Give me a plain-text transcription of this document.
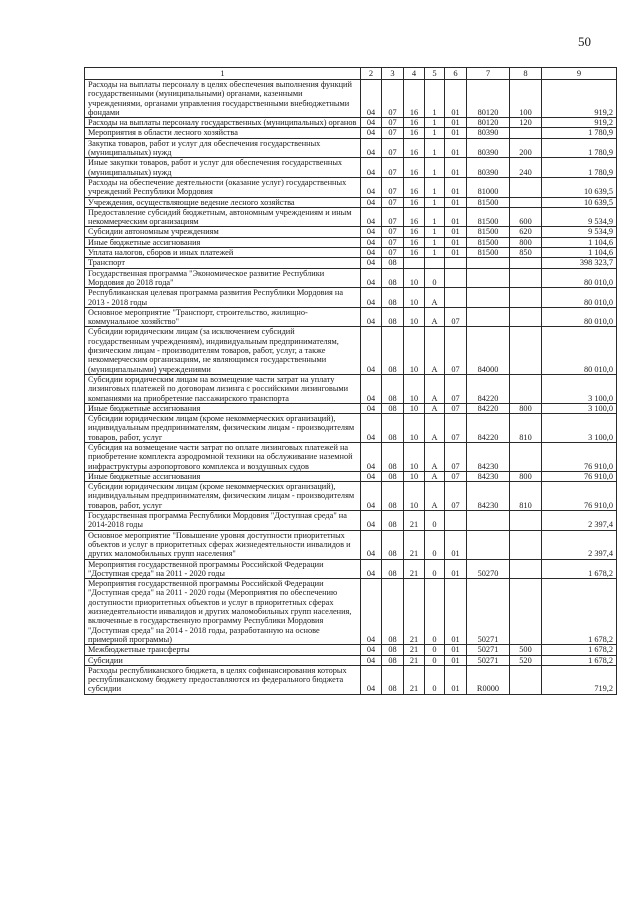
50
1	2	3	4	5	6	7	8	9
Расходы на выплаты персоналу в целях обеспечения выполнения функций государственными (муниципальными) органами, казенными учреждениями, органами управления государственными внебюджетными фондами	04	07	16	1	01	80120	100	919,2
Расходы на выплаты персоналу государственных (муниципальных) органов	04	07	16	1	01	80120	120	919,2
Мероприятия в области лесного хозяйства	04	07	16	1	01	80390		1 780,9
Закупка товаров, работ и услуг для обеспечения государственных (муниципальных) нужд	04	07	16	1	01	80390	200	1 780,9
Иные закупки товаров, работ и услуг для обеспечения государственных (муниципальных) нужд	04	07	16	1	01	80390	240	1 780,9
Расходы на обеспечение деятельности (оказание услуг) государственных учреждений Республики Мордовия	04	07	16	1	01	81000		10 639,5
Учреждения, осуществляющие ведение лесного хозяйства	04	07	16	1	01	81500		10 639,5
Предоставление субсидий бюджетным, автономным учреждениям и иным некоммерческим организациям	04	07	16	1	01	81500	600	9 534,9
Субсидии автономным учреждениям	04	07	16	1	01	81500	620	9 534,9
Иные бюджетные ассигнования	04	07	16	1	01	81500	800	1 104,6
Уплата налогов, сборов и иных платежей	04	07	16	1	01	81500	850	1 104,6
Транспорт	04	08						398 323,7
Государственная программа "Экономическое развитие Республики Мордовия до 2018 года"	04	08	10	0				80 010,0
Республиканская целевая программа развития Республики Мордовия на 2013 - 2018 годы	04	08	10	А				80 010,0
Основное мероприятие "Транспорт, строительство, жилищно-коммунальное хозяйство"	04	08	10	А	07			80 010,0
Субсидии юридическим лицам (за исключением субсидий государственным учреждениям), индивидуальным предпринимателям, физическим лицам - производителям товаров, работ, услуг, а также некоммерческим организациям, не являющимся государственными (муниципальными) учреждениями	04	08	10	А	07	84000		80 010,0
Субсидии юридическим лицам на возмещение части затрат на уплату лизинговых платежей по договорам лизинга с российскими лизинговыми компаниями на приобретение пассажирского транспорта	04	08	10	А	07	84220		3 100,0
Иные бюджетные ассигнования	04	08	10	А	07	84220	800	3 100,0
Субсидии юридическим лицам (кроме некоммерческих организаций), индивидуальным предпринимателям, физическим лицам - производителям товаров, работ, услуг	04	08	10	А	07	84220	810	3 100,0
Субсидия на возмещение части затрат по оплате лизинговых платежей на приобретение комплекта аэродромной техники на обслуживание наземной инфраструктуры аэропортового комплекса и воздушных судов	04	08	10	А	07	84230		76 910,0
Иные бюджетные ассигнования	04	08	10	А	07	84230	800	76 910,0
Субсидии юридическим лицам (кроме некоммерческих организаций), индивидуальным предпринимателям, физическим лицам - производителям товаров, работ, услуг	04	08	10	А	07	84230	810	76 910,0
Государственная программа Республики Мордовия "Доступная среда" на 2014-2018 годы	04	08	21	0				2 397,4
Основное мероприятие "Повышение уровня доступности приоритетных объектов и услуг в приоритетных сферах жизнедеятельности инвалидов и других маломобильных групп населения"	04	08	21	0	01			2 397,4
Мероприятия государственной программы Российской Федерации "Доступная среда" на 2011 - 2020 годы	04	08	21	0	01	50270		1 678,2
Мероприятия государственной программы Российской Федерации "Доступная среда" на 2011 - 2020 годы (Мероприятия по обеспечению доступности приоритетных объектов и услуг в приоритетных сферах жизнедеятельности инвалидов и других маломобильных групп населения, включенные в государственную программу Республики Мордовия "Доступная среда" на 2014 - 2018 годы, разработанную на основе примерной программы)	04	08	21	0	01	50271		1 678,2
Межбюджетные трансферты	04	08	21	0	01	50271	500	1 678,2
Субсидии	04	08	21	0	01	50271	520	1 678,2
Расходы республиканского бюджета, в целях софинансирования которых республиканскому бюджету предоставляются из федерального бюджета субсидии	04	08	21	0	01	R0000		719,2
